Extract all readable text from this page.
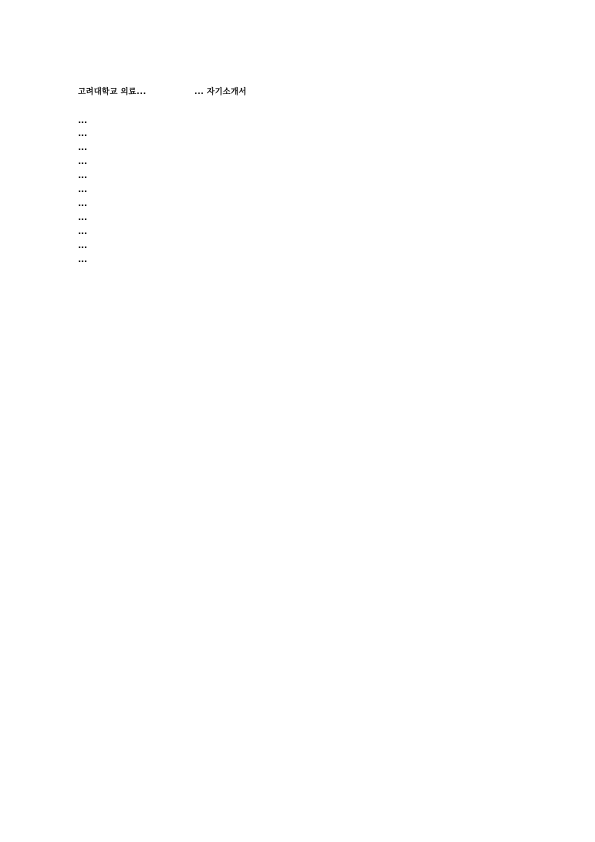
고려대학교 의료...	... 자기소개서
...
...
...
...
...
...
...
...
...
...
...
